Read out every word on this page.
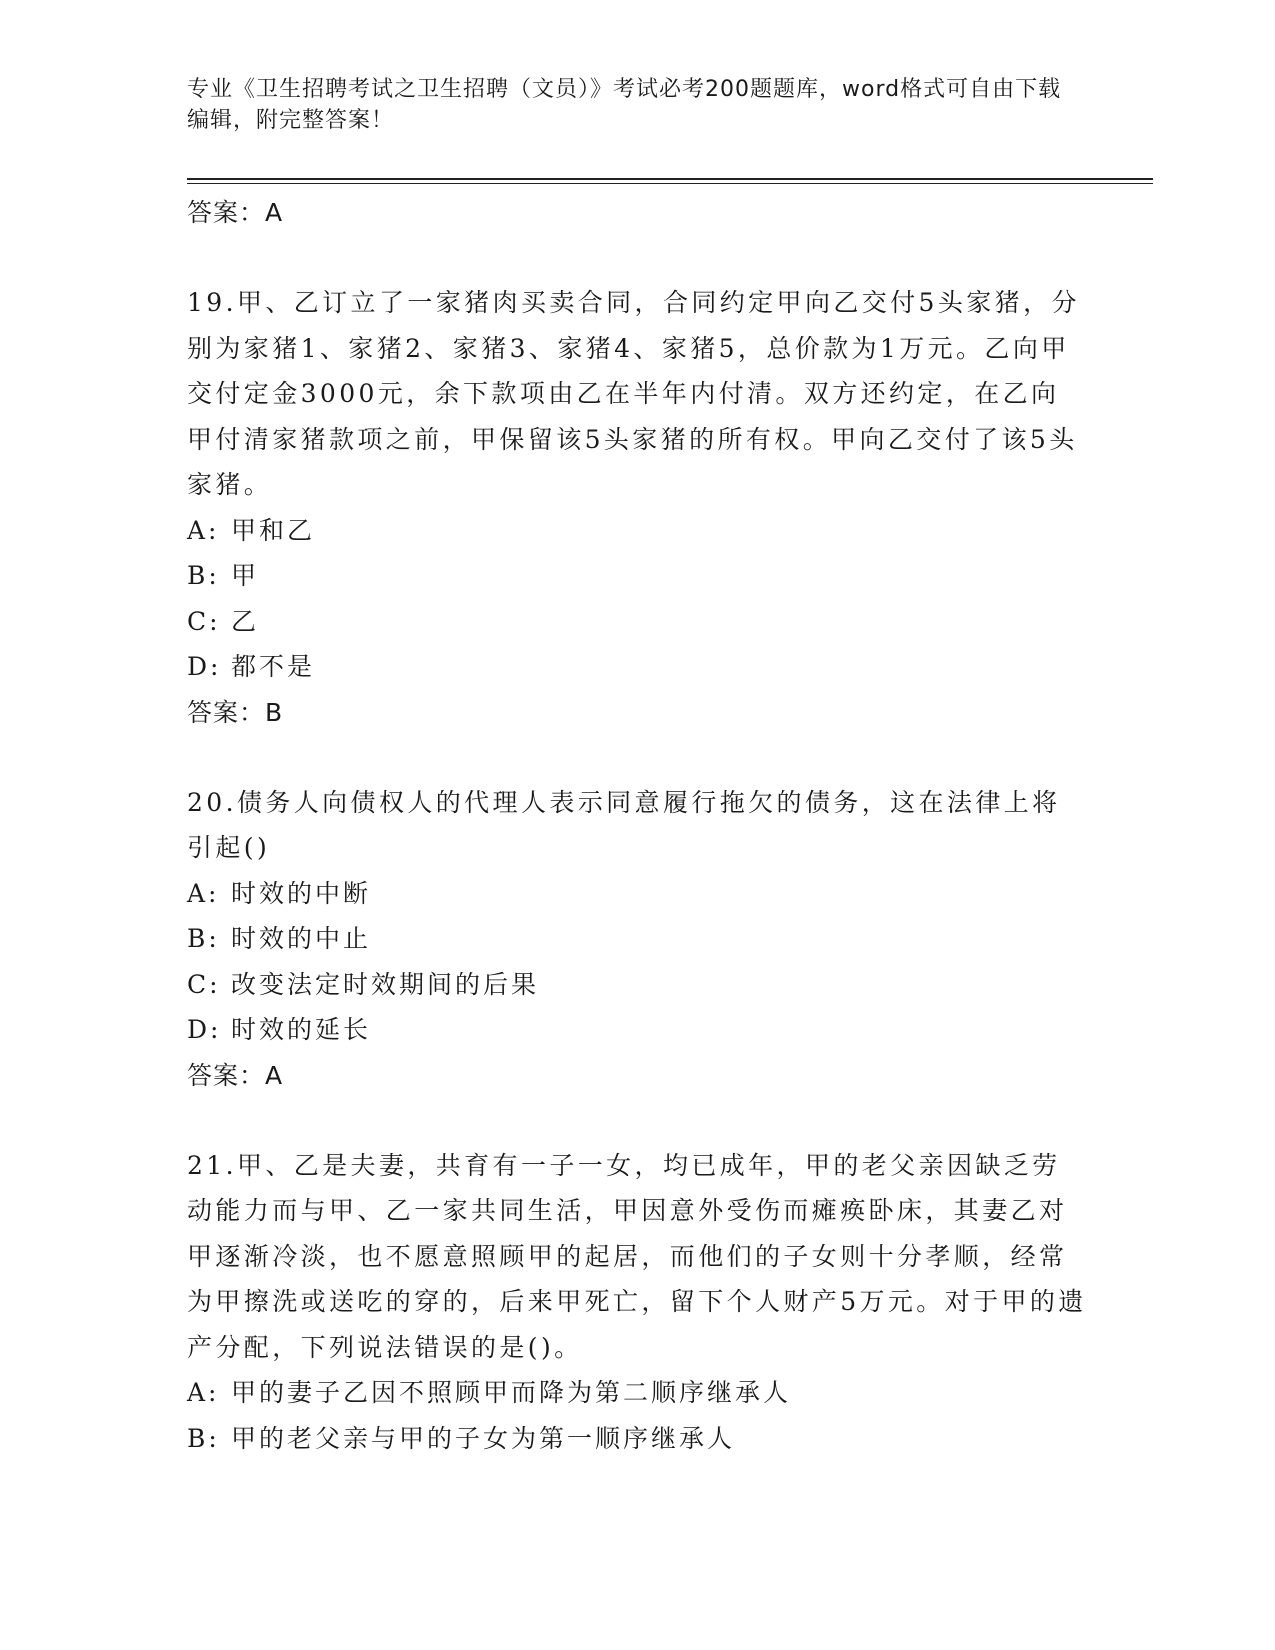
专业《卫生招聘考试之卫生招聘（文员）》考试必考200题题库，word格式可自由下载编辑，附完整答案！
答案：A

19.甲、乙订立了一家猪肉买卖合同，合同约定甲向乙交付5头家猪，分别为家猪1、家猪2、家猪3、家猪4、家猪5，总价款为1万元。乙向甲交付定金3000元，余下款项由乙在半年内付清。双方还约定，在乙向甲付清家猪款项之前，甲保留该5头家猪的所有权。甲向乙交付了该5头家猪。

A: 甲和乙
B: 甲
C: 乙
D: 都不是
答案：B

20.债务人向债权人的代理人表示同意履行拖欠的债务，这在法律上将引起()

A: 时效的中断
B: 时效的中止
C: 改变法定时效期间的后果
D: 时效的延长
答案：A

21.甲、乙是夫妻，共育有一子一女，均已成年，甲的老父亲因缺乏劳动能力而与甲、乙一家共同生活，甲因意外受伤而瘫痪卧床，其妻乙对甲逐渐冷淡，也不愿意照顾甲的起居，而他们的子女则十分孝顺，经常为甲擦洗或送吃的穿的，后来甲死亡，留下个人财产5万元。对于甲的遗产分配，下列说法错误的是()。

A: 甲的妻子乙因不照顾甲而降为第二顺序继承人
B: 甲的老父亲与甲的子女为第一顺序继承人
